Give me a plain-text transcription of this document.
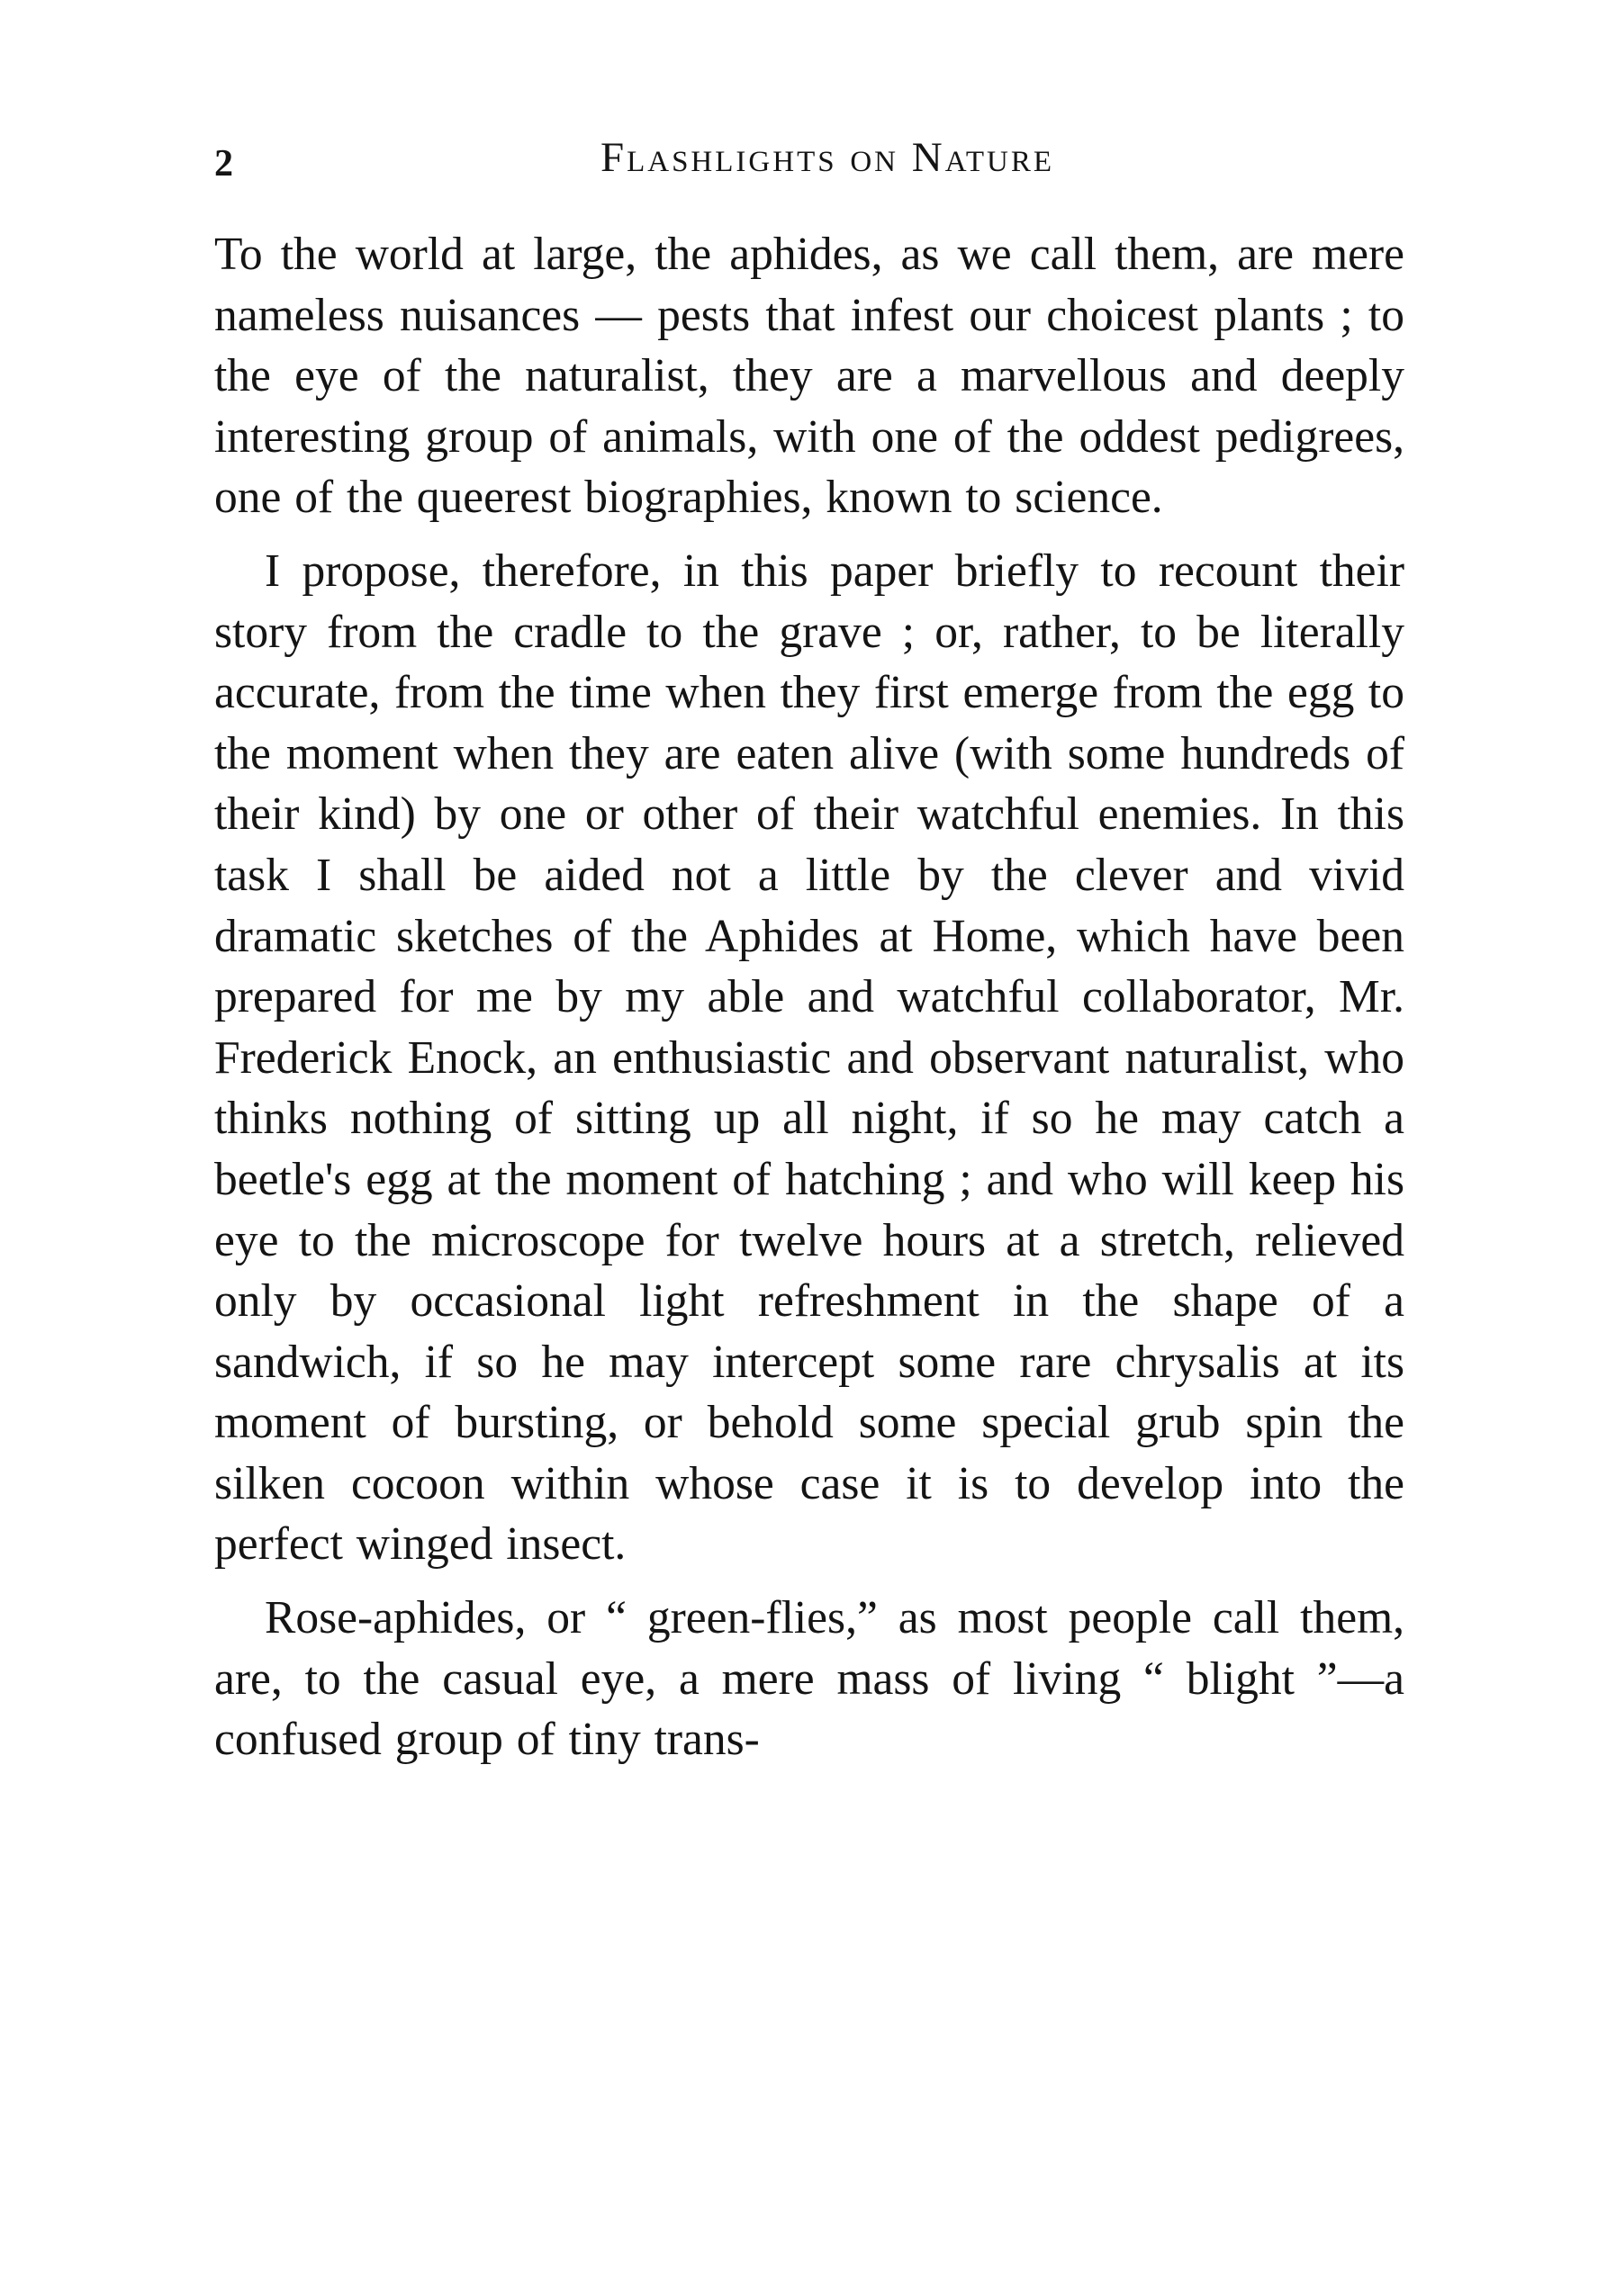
2	Flashlights on Nature

To the world at large, the aphides, as we call them, are mere nameless nuisances — pests that infest our choicest plants ; to the eye of the naturalist, they are a marvellous and deeply interesting group of animals, with one of the oddest pedigrees, one of the queerest biographies, known to science.

I propose, therefore, in this paper briefly to recount their story from the cradle to the grave ; or, rather, to be literally accurate, from the time when they first emerge from the egg to the moment when they are eaten alive (with some hundreds of their kind) by one or other of their watchful enemies. In this task I shall be aided not a little by the clever and vivid dramatic sketches of the Aphides at Home, which have been prepared for me by my able and watchful collaborator, Mr. Frederick Enock, an enthusiastic and observant naturalist, who thinks nothing of sitting up all night, if so he may catch a beetle's egg at the moment of hatching ; and who will keep his eye to the microscope for twelve hours at a stretch, relieved only by occasional light refreshment in the shape of a sandwich, if so he may intercept some rare chrysalis at its moment of bursting, or behold some special grub spin the silken cocoon within whose case it is to develop into the perfect winged insect.

Rose-aphides, or “ green-flies,” as most people call them, are, to the casual eye, a mere mass of living “ blight ”—a confused group of tiny trans-
